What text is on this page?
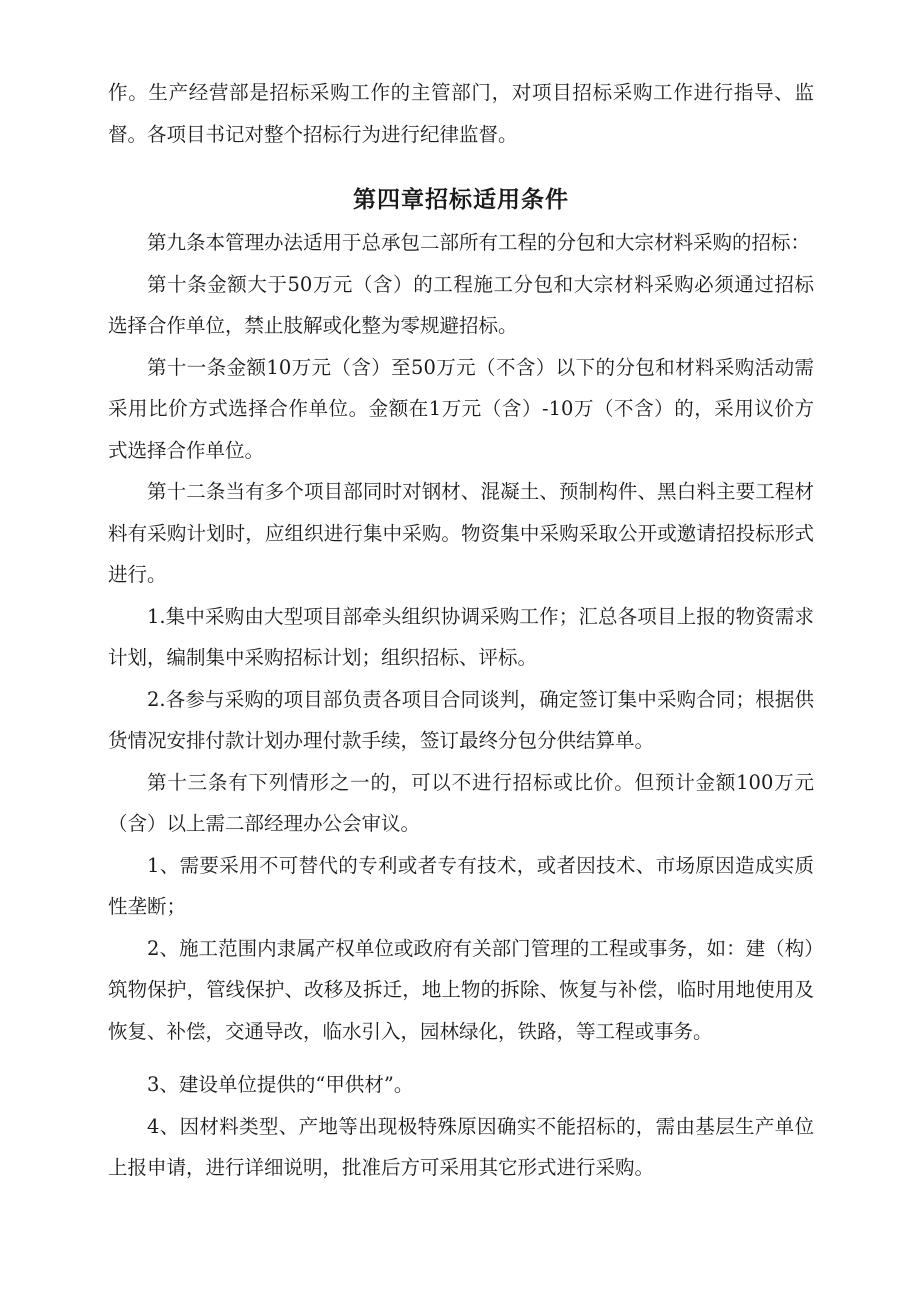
作。生产经营部是招标采购工作的主管部门，对项目招标采购工作进行指导、监督。各项目书记对整个招标行为进行纪律监督。

第四章招标适用条件

第九条本管理办法适用于总承包二部所有工程的分包和大宗材料采购的招标：

第十条金额大于50万元（含）的工程施工分包和大宗材料采购必须通过招标选择合作单位，禁止肢解或化整为零规避招标。

第十一条金额10万元（含）至50万元（不含）以下的分包和材料采购活动需采用比价方式选择合作单位。金额在1万元（含）-10万（不含）的，采用议价方式选择合作单位。

第十二条当有多个项目部同时对钢材、混凝土、预制构件、黑白料主要工程材料有采购计划时，应组织进行集中采购。物资集中采购采取公开或邀请招投标形式进行。

1.集中采购由大型项目部牵头组织协调采购工作；汇总各项目上报的物资需求计划，编制集中采购招标计划；组织招标、评标。

2.各参与采购的项目部负责各项目合同谈判，确定签订集中采购合同；根据供货情况安排付款计划办理付款手续，签订最终分包分供结算单。

第十三条有下列情形之一的，可以不进行招标或比价。但预计金额100万元（含）以上需二部经理办公会审议。

1、需要采用不可替代的专利或者专有技术，或者因技术、市场原因造成实质性垄断；

2、施工范围内隶属产权单位或政府有关部门管理的工程或事务，如：建（构）筑物保护，管线保护、改移及拆迁，地上物的拆除、恢复与补偿，临时用地使用及恢复、补偿，交通导改，临水引入，园林绿化，铁路，等工程或事务。

3、建设单位提供的“甲供材”。

4、因材料类型、产地等出现极特殊原因确实不能招标的，需由基层生产单位上报申请，进行详细说明，批准后方可采用其它形式进行采购。
